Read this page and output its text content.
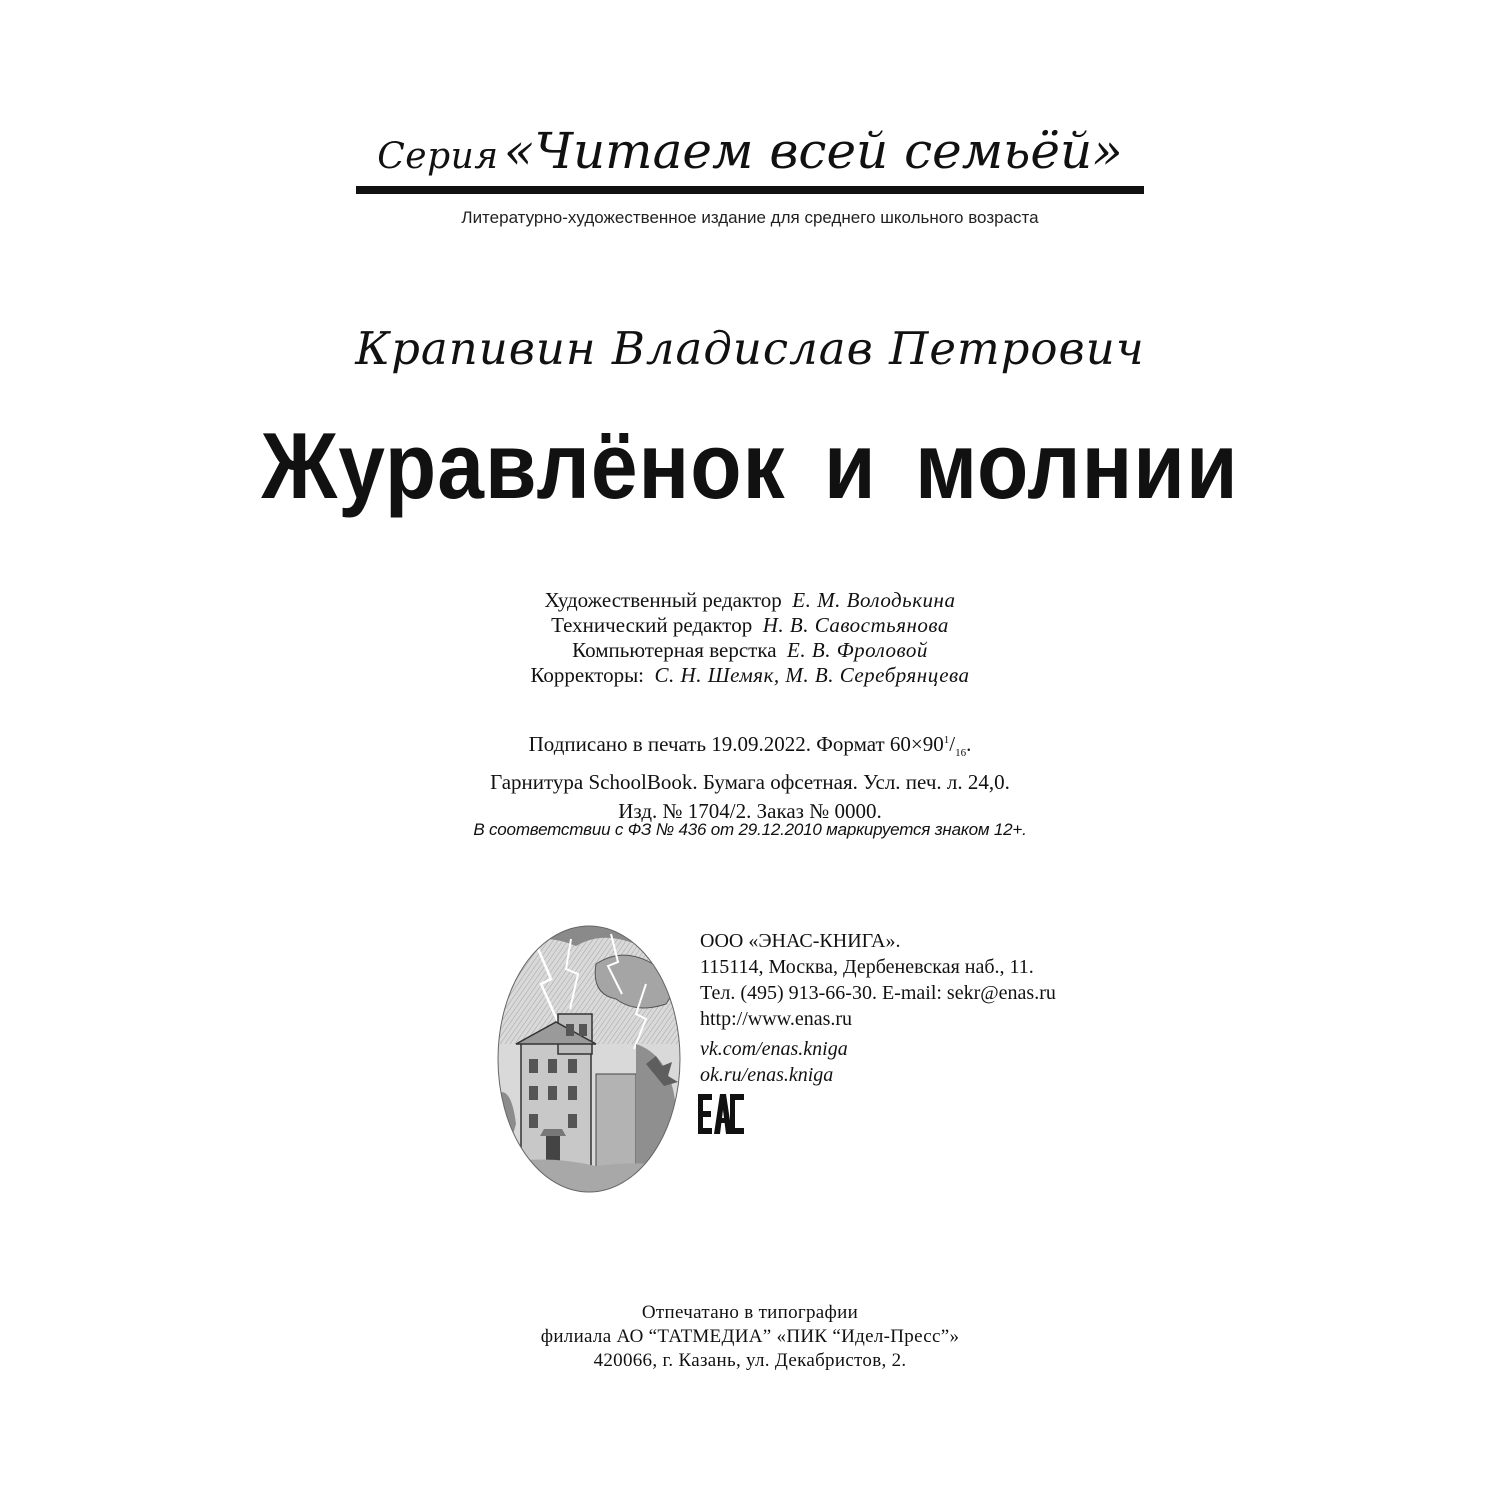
Серия «Читаем всей семьёй»
Литературно-художественное издание для среднего школьного возраста
Крапивин Владислав Петрович
Журавлёнок и молнии
Художественный редактор Е. М. Володькина
Технический редактор Н. В. Савостьянова
Компьютерная верстка Е. В. Фроловой
Корректоры: С. Н. Шемяк, М. В. Серебрянцева
Подписано в печать 19.09.2022. Формат $60\times 90^1/_{16}$.
Гарнитура SchoolBook. Бумага офсетная. Усл. печ. л. 24,0.
Изд. № 1704/2. Заказ № 0000.
В соответствии с ФЗ № 436 от 29.12.2010 маркируется знаком 12+.
ООО «ЭНАС-КНИГА».
115114, Москва, Дербеневская наб., 11.
Тел. (495) 913-66-30. E-mail: sekr@enas.ru
http://www.enas.ru
vk.com/enas.kniga
ok.ru/enas.kniga
Отпечатано в типографии
филиала АО “ТАТМЕДИА” «ПИК “Идел-Пресс”»
420066, г. Казань, ул. Декабристов, 2.
